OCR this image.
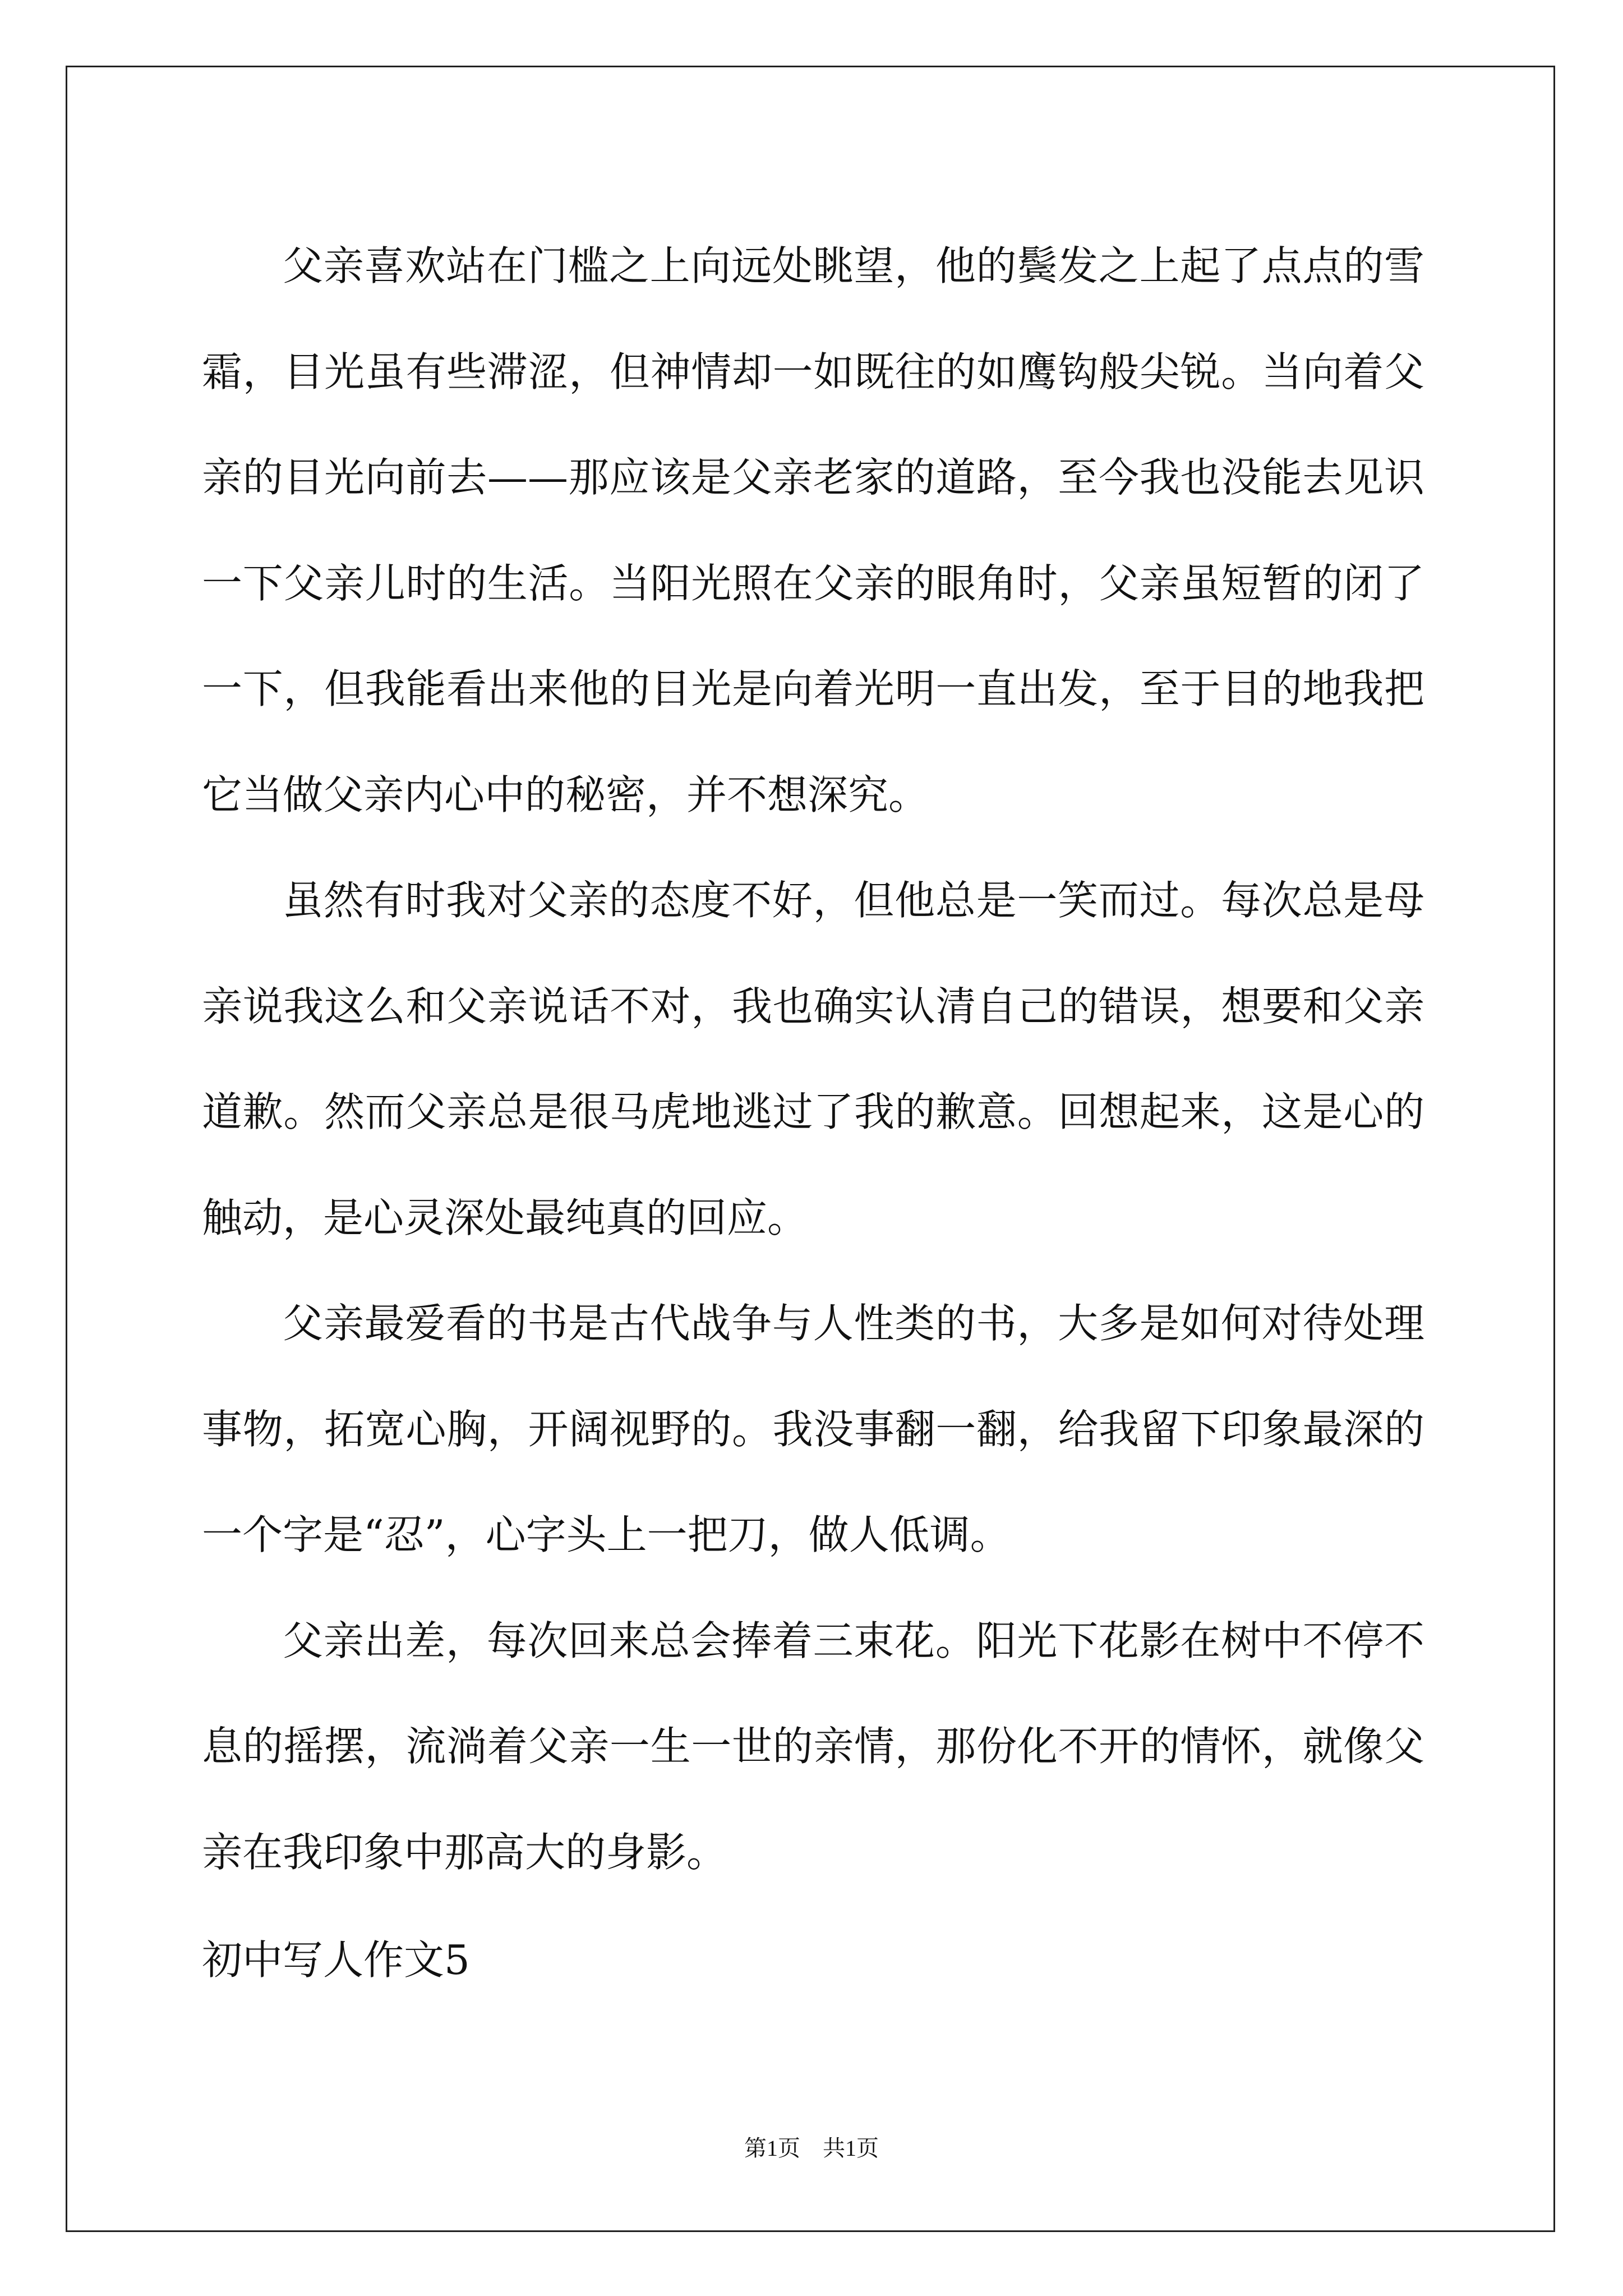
父亲喜欢站在门槛之上向远处眺望，他的鬓发之上起了点点的雪霜，目光虽有些滞涩，但神情却一如既往的如鹰钩般尖锐。当向着父亲的目光向前去——那应该是父亲老家的道路，至今我也没能去见识一下父亲儿时的生活。当阳光照在父亲的眼角时，父亲虽短暂的闭了一下，但我能看出来他的目光是向着光明一直出发，至于目的地我把它当做父亲内心中的秘密，并不想深究。

虽然有时我对父亲的态度不好，但他总是一笑而过。每次总是母亲说我这么和父亲说话不对，我也确实认清自己的错误，想要和父亲道歉。然而父亲总是很马虎地逃过了我的歉意。回想起来，这是心的触动，是心灵深处最纯真的回应。

父亲最爱看的书是古代战争与人性类的书，大多是如何对待处理事物，拓宽心胸，开阔视野的。我没事翻一翻，给我留下印象最深的一个字是“忍”，心字头上一把刀，做人低调。

父亲出差，每次回来总会捧着三束花。阳光下花影在树中不停不息的摇摆，流淌着父亲一生一世的亲情，那份化不开的情怀，就像父亲在我印象中那高大的身影。

初中写人作文5
第1页　共1页
